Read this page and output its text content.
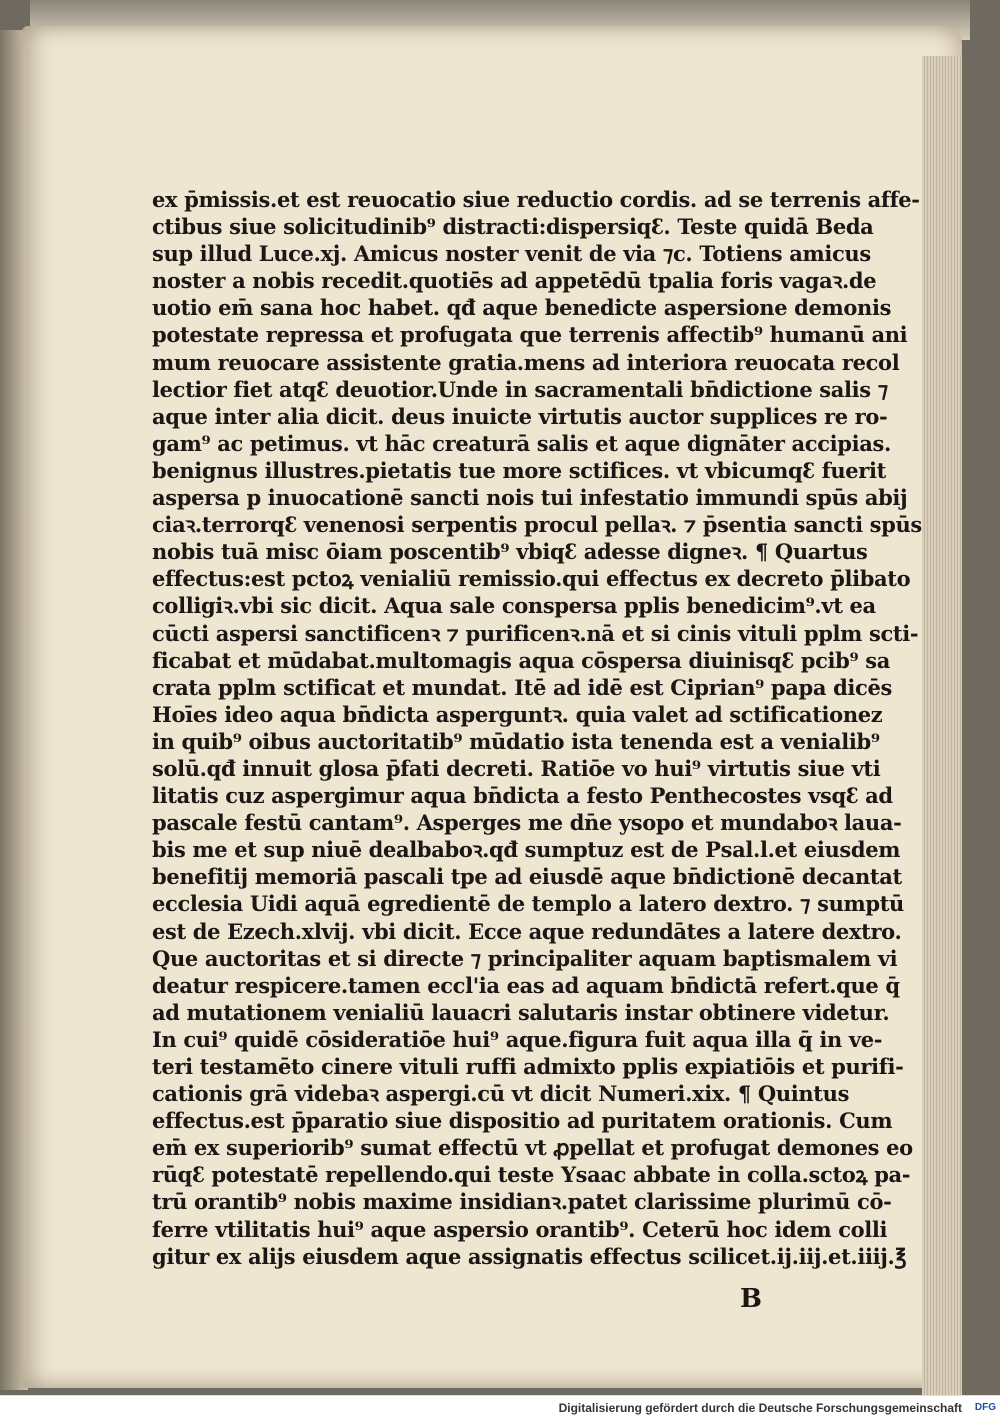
ex p̄missis.et est reuocatio siue reductio cordis. ad se terrenis affe-
ctibus siue solicitudinib⁹ distracti:dispersiqꜫ. Teste quidā Beda
sup illud Luce.xj. Amicus noster venit de via ⁊c. Totiens amicus
noster a nobis recedit.quotiēs ad appetēdū tpalia foris vagaꝛ.de
uotio em̄ sana hoc habet. qđ aque benedicte aspersione demonis
potestate repressa et profugata que terrenis affectib⁹ humanū ani
mum reuocare assistente gratia.mens ad interiora reuocata recol
lectior fiet atqꜫ deuotior.Unde in sacramentali bn̄dictione salis ⁊
aque inter alia dicit. deus inuicte virtutis auctor supplices re ro-
gam⁹ ac petimus. vt hāc creaturā salis et aque dignāter accipias.
benignus illustres.pietatis tue more sctifices. vt vbicumqꜫ fuerit
aspersa p inuocationē sancti nois tui infestatio immundi spūs abij
ciaꝛ.terrorqꜫ venenosi serpentis procul pellaꝛ. ⁊ p̄sentia sancti spūs
nobis tuā misc ōiam poscentib⁹ vbiqꜫ adesse digneꝛ. ¶ Quartus
effectus:est pctoꝝ venialiū remissio.qui effectus ex decreto p̄libato
colligiꝛ.vbi sic dicit. Aqua sale conspersa pplis benedicim⁹.vt ea
cūcti aspersi sanctificenꝛ ⁊ purificenꝛ.nā et si cinis vituli pplm scti-
ficabat et mūdabat.multomagis aqua cōspersa diuinisqꜫ pcib⁹ sa
crata pplm sctificat et mundat. Itē ad idē est Ciprian⁹ papa dicēs
Hoīes ideo aqua bn̄dicta asperguntꝛ. quia valet ad sctificationez
in quib⁹ oibus auctoritatib⁹ mūdatio ista tenenda est a venialib⁹
solū.qđ innuit glosa p̄fati decreti. Ratiōe vo hui⁹ virtutis siue vti
litatis cuz aspergimur aqua bn̄dicta a festo Penthecostes vsqꜫ ad
pascale festū cantam⁹. Asperges me dn̄e ysopo et mundaboꝛ laua-
bis me et sup niuē dealbaboꝛ.qđ sumptuz est de Psal.l.et eiusdem
benefitij memoriā pascali tpe ad eiusdē aque bn̄dictionē decantat
ecclesia Uidi aquā egredientē de templo a latero dextro. ⁊ sumptū
est de Ezech.xlvij. vbi dicit. Ecce aque redundātes a latere dextro.
Que auctoritas et si directe ⁊ principaliter aquam baptismalem vi
deatur respicere.tamen eccl'ia eas ad aquam bn̄dictā refert.que q̄
ad mutationem venialiū lauacri salutaris instar obtinere videtur.
In cui⁹ quidē cōsideratiōe hui⁹ aque.figura fuit aqua illa q̄ in ve-
teri testamēto cinere vituli ruffi admixto pplis expiatiōis et purifi-
cationis grā videbaꝛ aspergi.cū vt dicit Numeri.xix. ¶ Quintus
effectus.est p̄paratio siue dispositio ad puritatem orationis. Cum
em̄ ex superiorib⁹ sumat effectū vt ꝓpellat et profugat demones eo
rūqꜫ potestatē repellendo.qui teste Ysaac abbate in colla.sctoꝝ pa-
trū orantib⁹ nobis maxime insidianꝛ.patet clarissime plurimū cō-
ferre vtilitatis hui⁹ aque aspersio orantib⁹. Ceterū hoc idem colli
gitur ex alijs eiusdem aque assignatis effectus scilicet.ij.iij.et.iiij.℥
B
Digitalisierung gefördert durch die Deutsche Forschungsgemeinschaft DFG
